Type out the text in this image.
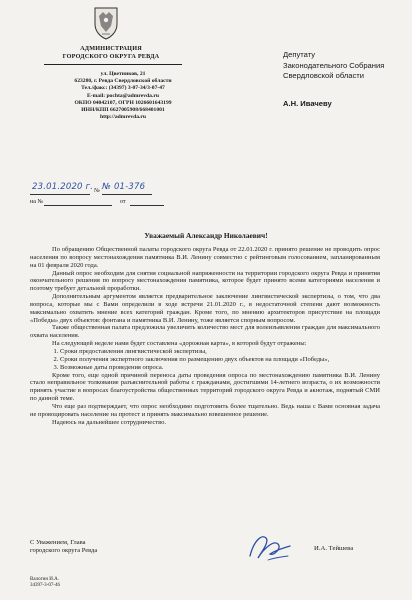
АДМИНИСТРАЦИЯ
ГОРОДСКОГО ОКРУГА РЕВДА
ул. Цветников, 21
623280, г. Ревда Свердловской области
Тел./факс: (34397) 3-07-34/3-07-47
E-mail: pochta@admrevda.ru
ОКПО 04042107, ОГРН 1026601643199
ИНН/КПП 6627005908/668401001
http://admrevda.ru
Депутату
Законодательного Собрания
Свердловской области
А.Н. Ивачеву
23.01.2020 г. № № 01-376
на №	от
Уважаемый Александр Николаевич!

По обращению Общественной палаты городского округа Ревда от 22.01.2020 г. принято решение не проводить опрос населения по вопросу местонахождения памятника В.И. Ленину совместно с рейтинговым голосованием, запланированным на 01 февраля 2020 года.

Данный опрос необходим для снятия социальной напряженности на территории городского округа Ревда и принятия окончательного решения по вопросу местонахождения памятника, которое будет принято всеми категориями населения и поэтому требует детальной проработки.

Дополнительным аргументом является предварительное заключение лингвистической экспертизы, о том, что два вопроса, которые мы с Вами определили в ходе встречи 21.01.2020 г., в недостаточной степени дают возможность максимально охватить мнение всех категорий граждан. Кроме того, по мнению архитекторов присутствие на площади «Победы» двух объектов: фонтана и памятника В.И. Ленину, тоже является спорным вопросом.

Также общественная палата предложила увеличить количество мест для волеизъявления граждан для максимального охвата населения.

На следующей неделе нами будет составлена «дорожная карта», в которой будут отражены:

1. Сроки предоставления лингвистической экспертизы,
2. Сроки получения экспертного заключения по размещению двух объектов на площади «Победы»,
3. Возможные даты проведения опроса.

Кроме того, еще одной причиной переноса даты проведения опроса по местонахождению памятника В.И. Ленину стало неправильное толкование разъяснительной работы с гражданами, достигшими 14-летнего возраста, о их возможности принять участие в вопросах благоустройства общественных территорий городского округа Ревда и акнотаж, поднятый СМИ по данной теме.

Что еще раз подтверждает, что опрос необходимо подготовить более тщательно. Ведь наша с Вами основная задача не провоцировать население на протест и принять максимально взвешенное решение.

Надеюсь на дальнейшее сотрудничество.

С Уважением, Глава
городского округа Ревда	И.А. Тейшева
Валогин И.А.
34397-3-07-46
